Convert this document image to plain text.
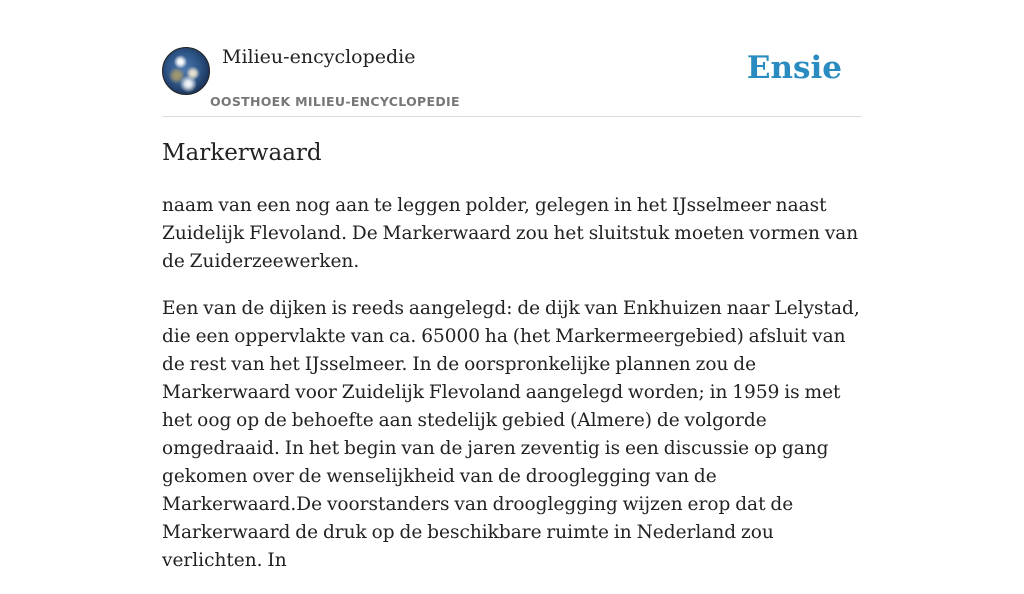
Milieu-encyclopedie
OOSTHOEK MILIEU-ENCYCLOPEDIE
Ensie
Markerwaard

naam van een nog aan te leggen polder, gelegen in het IJsselmeer naast Zuidelijk Flevoland. De Markerwaard zou het sluitstuk moeten vormen van de Zuiderzeewerken.

Een van de dijken is reeds aangelegd: de dijk van Enkhuizen naar Lelystad, die een oppervlakte van ca. 65000 ha (het Markermeergebied) afsluit van de rest van het IJsselmeer. In de oorspronkelijke plannen zou de Markerwaard voor Zuidelijk Flevoland aangelegd worden; in 1959 is met het oog op de behoefte aan stedelijk gebied (Almere) de volgorde omgedraaid. In het begin van de jaren zeventig is een discussie op gang gekomen over de wenselijkheid van de drooglegging van de Markerwaard.De voorstanders van drooglegging wijzen erop dat de Markerwaard de druk op de beschikbare ruimte in Nederland zou verlichten. In
